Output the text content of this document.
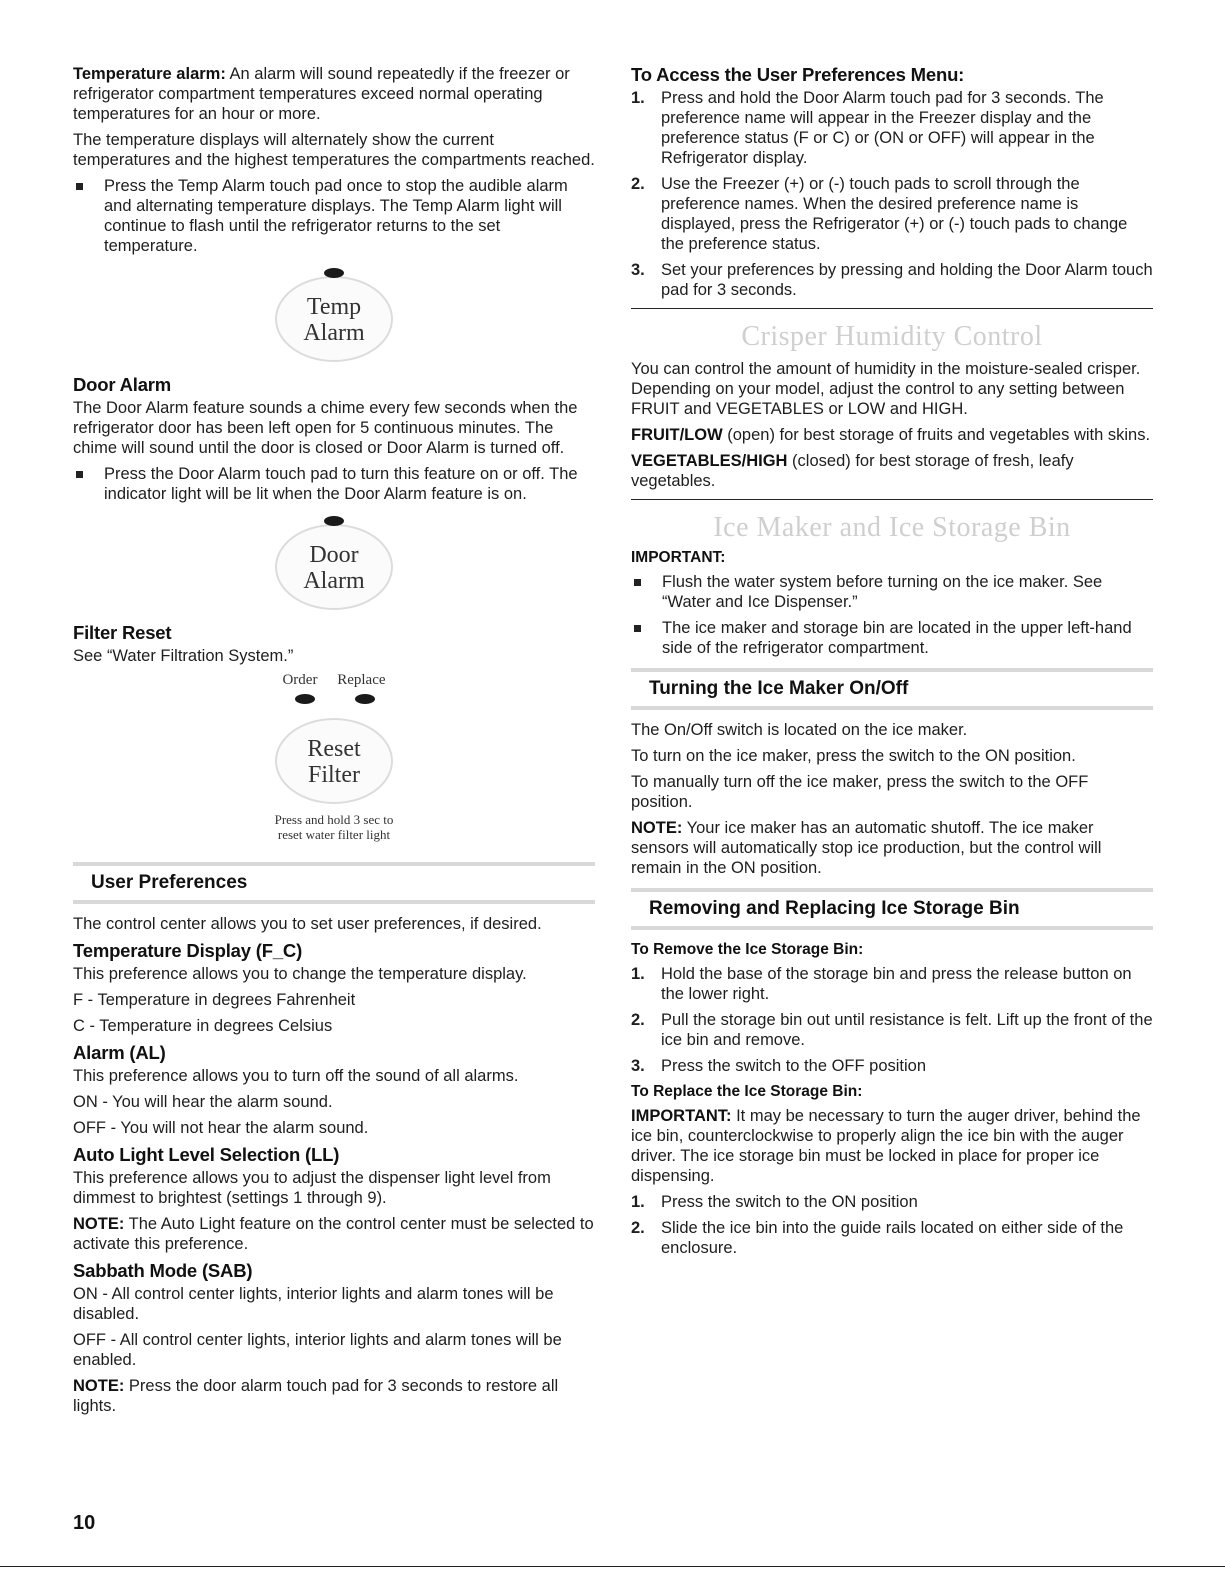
Temperature alarm: An alarm will sound repeatedly if the freezer or refrigerator compartment temperatures exceed normal operating temperatures for an hour or more.

The temperature displays will alternately show the current temperatures and the highest temperatures the compartments reached.

Press the Temp Alarm touch pad once to stop the audible alarm and alternating temperature displays. The Temp Alarm light will continue to flash until the refrigerator returns to the set temperature.
Temp
Alarm
Door Alarm

The Door Alarm feature sounds a chime every few seconds when the refrigerator door has been left open for 5 continuous minutes. The chime will sound until the door is closed or Door Alarm is turned off.

Press the Door Alarm touch pad to turn this feature on or off. The indicator light will be lit when the Door Alarm feature is on.
Door
Alarm
Filter Reset

See “Water Filtration System.”

Order Replace
Reset
Filter
Press and hold 3 sec to
reset water filter light
User Preferences

The control center allows you to set user preferences, if desired.

Temperature Display (F_C)

This preference allows you to change the temperature display.

F - Temperature in degrees Fahrenheit

C - Temperature in degrees Celsius

Alarm (AL)

This preference allows you to turn off the sound of all alarms.

ON - You will hear the alarm sound.

OFF - You will not hear the alarm sound.

Auto Light Level Selection (LL)

This preference allows you to adjust the dispenser light level from dimmest to brightest (settings 1 through 9).

NOTE: The Auto Light feature on the control center must be selected to activate this preference.

Sabbath Mode (SAB)

ON - All control center lights, interior lights and alarm tones will be disabled.

OFF - All control center lights, interior lights and alarm tones will be enabled.

NOTE: Press the door alarm touch pad for 3 seconds to restore all lights.

To Access the User Preferences Menu:
1. Press and hold the Door Alarm touch pad for 3 seconds. The preference name will appear in the Freezer display and the preference status (F or C) or (ON or OFF) will appear in the Refrigerator display.
2. Use the Freezer (+) or (-) touch pads to scroll through the preference names. When the desired preference name is displayed, press the Refrigerator (+) or (-) touch pads to change the preference status.
3. Set your preferences by pressing and holding the Door Alarm touch pad for 3 seconds.
Crisper Humidity Control

You can control the amount of humidity in the moisture-sealed crisper. Depending on your model, adjust the control to any setting between FRUIT and VEGETABLES or LOW and HIGH.

FRUIT/LOW (open) for best storage of fruits and vegetables with skins.

VEGETABLES/HIGH (closed) for best storage of fresh, leafy vegetables.

Ice Maker and Ice Storage Bin
IMPORTANT:
Flush the water system before turning on the ice maker. See “Water and Ice Dispenser.”
The ice maker and storage bin are located in the upper left-hand side of the refrigerator compartment.
Turning the Ice Maker On/Off

The On/Off switch is located on the ice maker.

To turn on the ice maker, press the switch to the ON position.

To manually turn off the ice maker, press the switch to the OFF position.

NOTE: Your ice maker has an automatic shutoff. The ice maker sensors will automatically stop ice production, but the control will remain in the ON position.

Removing and Replacing Ice Storage Bin
To Remove the Ice Storage Bin:
1. Hold the base of the storage bin and press the release button on the lower right.
2. Pull the storage bin out until resistance is felt. Lift up the front of the ice bin and remove.
3. Press the switch to the OFF position
To Replace the Ice Storage Bin:

IMPORTANT: It may be necessary to turn the auger driver, behind the ice bin, counterclockwise to properly align the ice bin with the auger driver. The ice storage bin must be locked in place for proper ice dispensing.

1. Press the switch to the ON position
2. Slide the ice bin into the guide rails located on either side of the enclosure.
10
